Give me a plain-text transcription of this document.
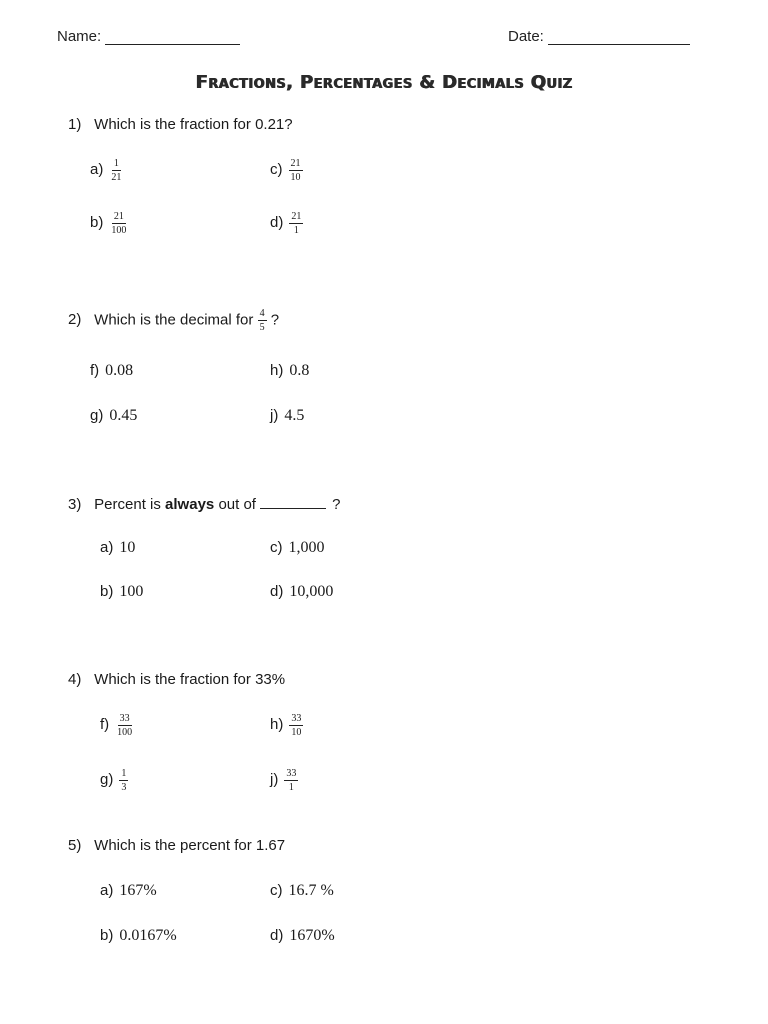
Name:	Date:
Fractions, Percentages & Decimals Quiz
1) Which is the fraction for 0.21?
$a) \frac{1}{21}$
$b) \frac{21}{100}$
$c) \frac{21}{10}$
$d) \frac{21}{1}$
2) Which is the decimal for $\frac{4}{5}$ ?
f) 0.08
g) 0.45
h) 0.8
j) 4.5
3) Percent is always out of	?
a) 10
b) 100
c) 1,000
d) 10,000
4) Which is the fraction for 33%
$f) \frac{33}{100}$
$g) \frac{1}{3}$
$h) \frac{33}{10}$
$j) \frac{33}{1}$
5) Which is the percent for 1.67
a) 167%
b) 0.0167%
c) 16.7 %
d) 1670%
